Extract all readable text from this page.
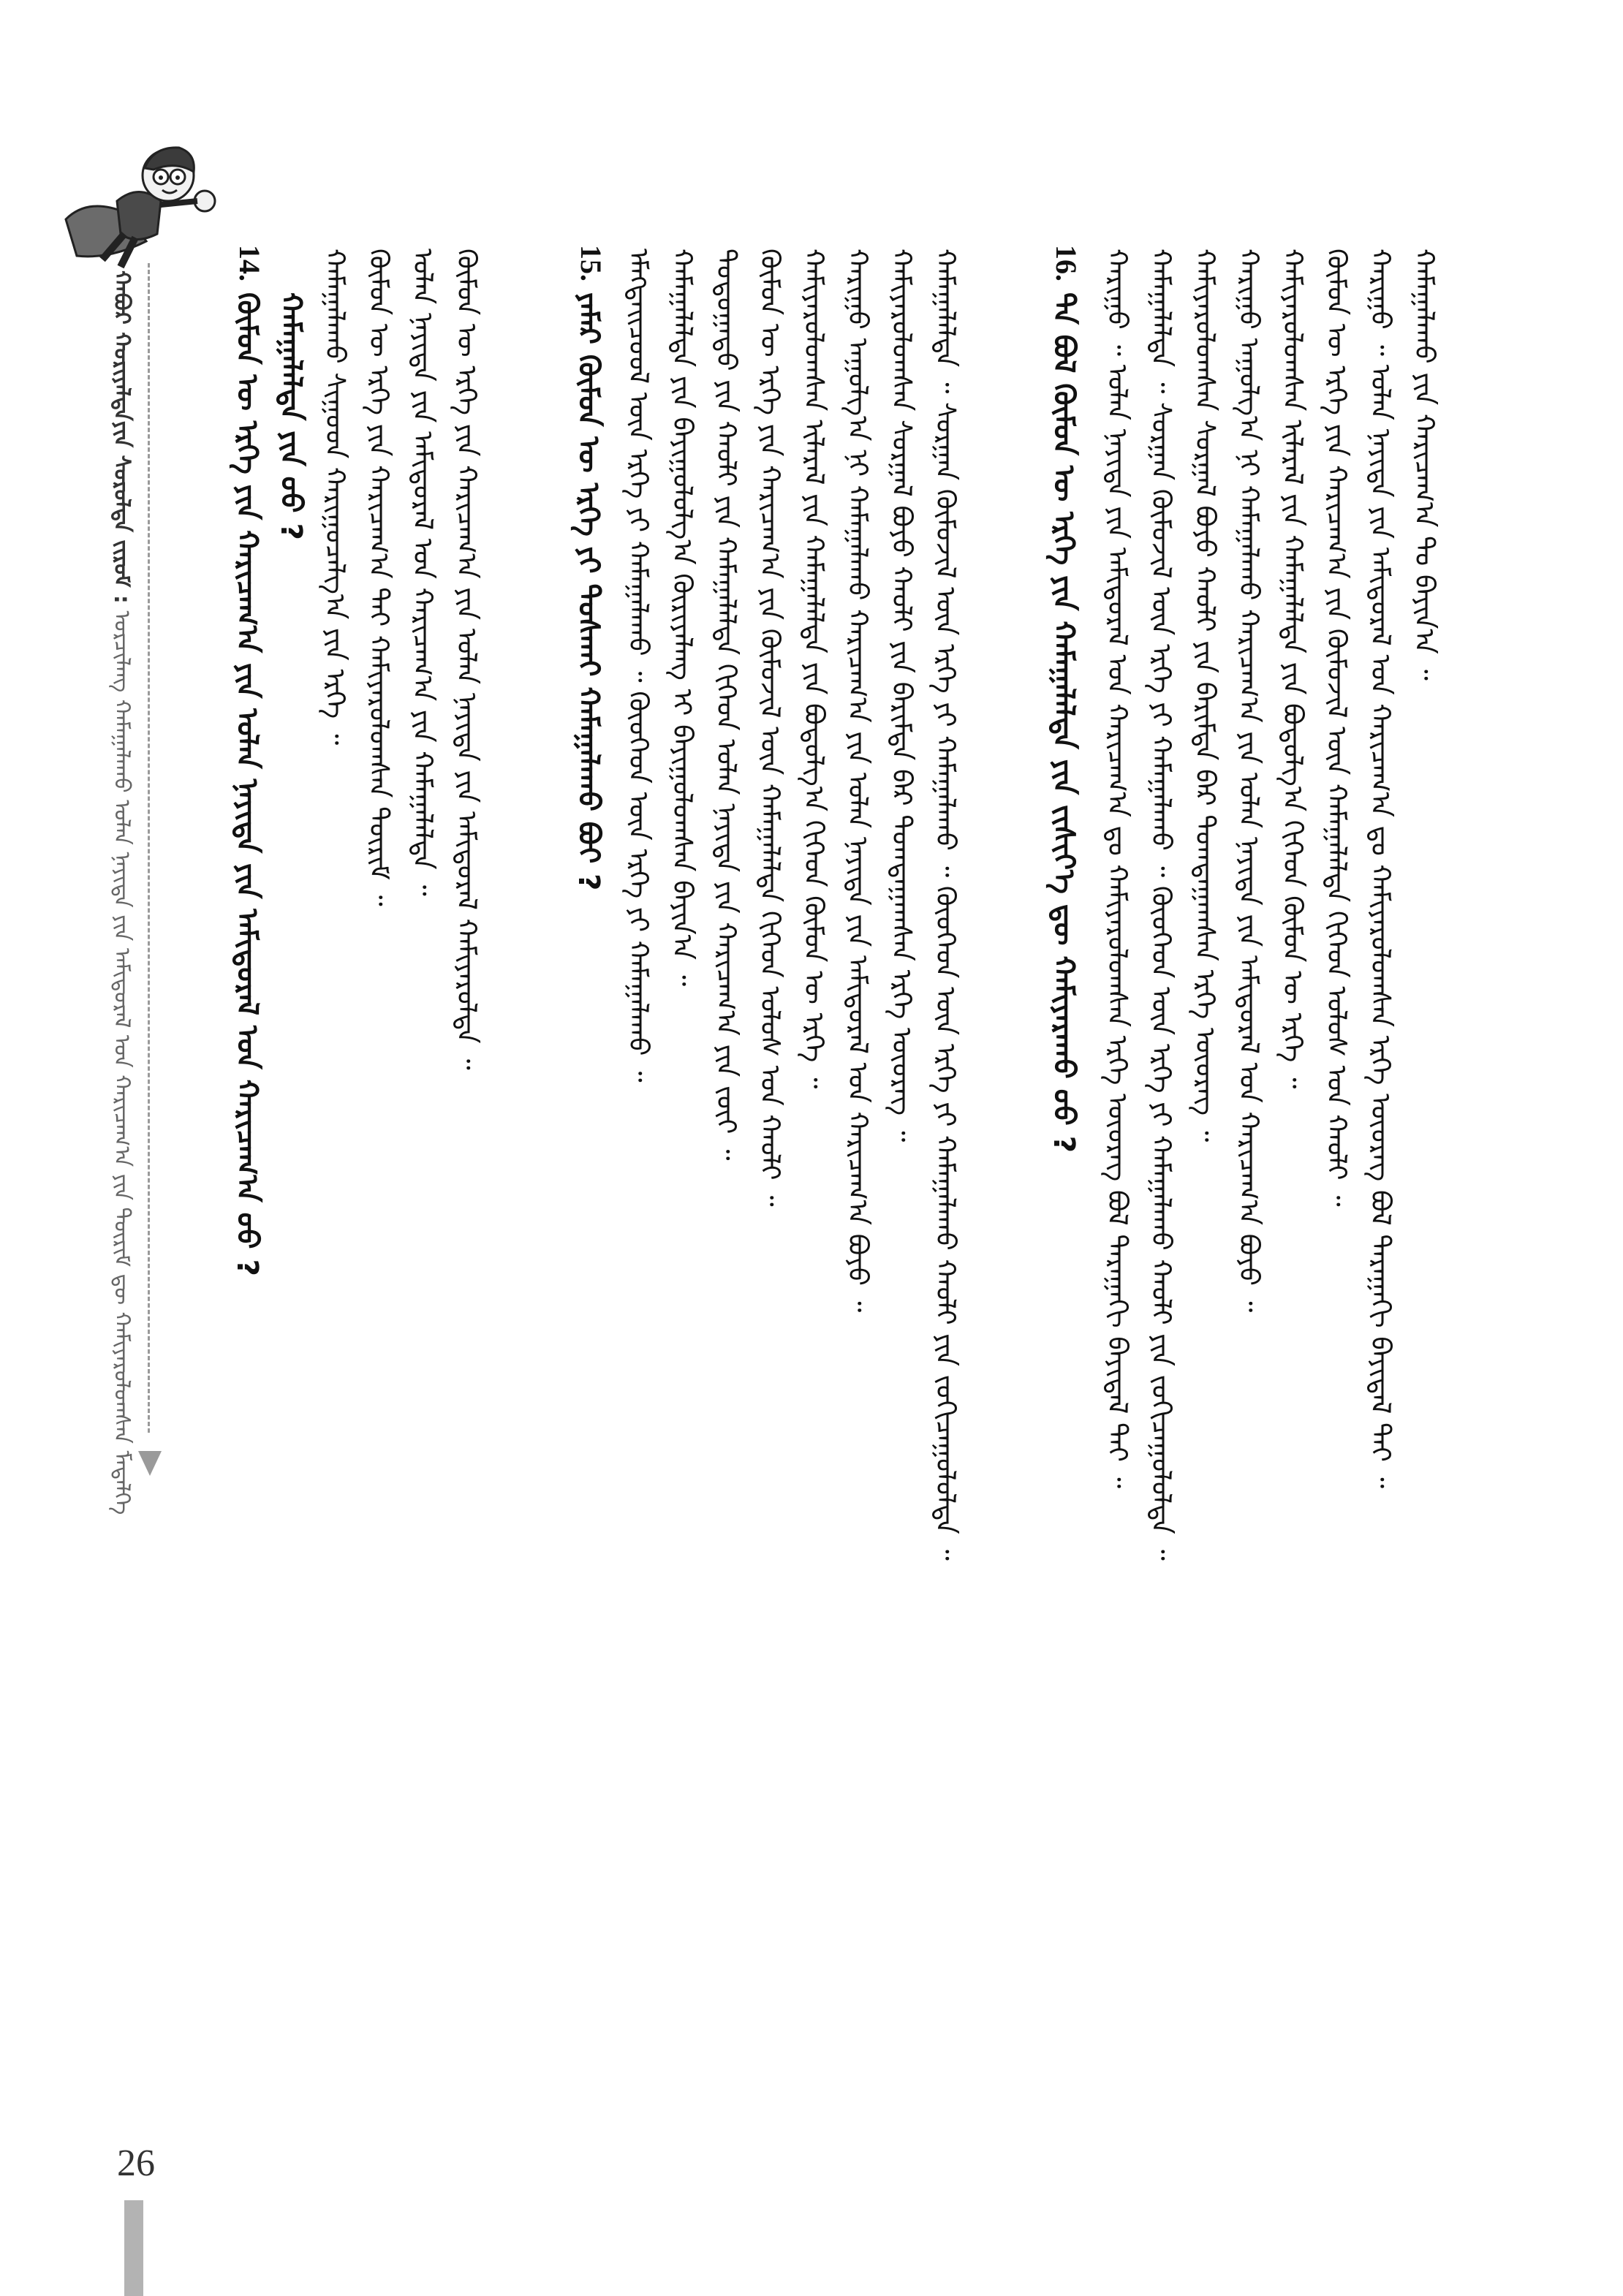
ᠬᠠᠪᠤᠷ ᠬᠤᠷᠢᠶᠠᠯᠲᠠ᠎ᠶᠢᠨ ᠰᠤᠷᠤᠯᠲᠠ ᠵᠢᠷᠤᠮ : ᠣᠷᠴᠢᠯᠠᠩ ᠬᠠᠮᠠᠭᠠᠯᠠᠬᠤ ᠣᠯᠠᠨ ᠨᠡᠶᠢᠲᠡ ᠶᠢᠨ ᠠᠮᠢᠳᠤᠷᠠᠯ ᠤᠨ ᠬᠠᠷᠢᠴᠠᠭ᠎ᠠ ᠶᠢᠨ ᠳᠦᠷᠢᠮ ᠳᠦ ᠬᠠᠮᠢᠶᠠᠷᠤᠯᠤᠭᠰᠠᠨ ᠮᠡᠳᠡᠯᠭᠡ
14.
ᠬᠦᠮᠦᠨ ᠦ ᠡᠷᠬᠡ ᠶᠢᠨ ᠬᠠᠷᠢᠴᠠᠭ᠎ᠠ ᠶᠢᠨ ᠣᠯᠠᠨ ᠨᠡᠶᠢᠲᠡ ᠶᠢᠨ ᠠᠮᠢᠳᠤᠷᠠᠯ ᠤᠨ ᠬᠠᠷᠢᠴᠠᠭ᠎ᠠ ᠤᠤ ? ᠬᠠᠮᠠᠭᠠᠯᠠᠯᠲᠠ ᠶᠢᠨ ᠤᠤ ? ᠬᠠᠮᠠᠭᠠᠯᠠᠬᠤ ᠰᠢᠭᠤᠳ ᠬᠠᠷᠢᠭᠤᠴᠠᠯᠭ᠎ᠠ ᠶᠢᠨ ᠡᠷᠬᠡ ᠃ ᠬᠦᠮᠦᠨ ᠦ ᠡᠷᠬᠡ ᠶᠢᠨ ᠬᠠᠷᠢᠴᠠᠭ᠎ᠠ ᠲᠠᠢ ᠬᠠᠮᠢᠶᠠᠷᠤᠯᠤᠭᠰᠠᠨ ᠳᠦᠷᠢᠮ ᠃ ᠣᠯᠠᠨ ᠨᠡᠶᠢᠲᠡ ᠶᠢᠨ ᠠᠮᠢᠳᠤᠷᠠᠯ ᠤᠨ ᠬᠠᠷᠢᠴᠠᠭ᠎ᠠ ᠶᠢᠨ ᠬᠠᠮᠠᠭᠠᠯᠠᠯᠲᠠ ᠃ ᠬᠦᠮᠦᠨ ᠦ ᠡᠷᠬᠡ ᠶᠢᠨ ᠬᠠᠷᠢᠴᠠᠭ᠎ᠠ ᠶᠢᠨ ᠣᠯᠠᠨ ᠨᠡᠶᠢᠲᠡ ᠶᠢᠨ ᠠᠮᠢᠳᠤᠷᠠᠯ ᠬᠠᠮᠢᠶᠠᠷᠤᠯᠲᠠ ᠃	15.
ᠶᠠᠮᠠᠷ ᠬᠦᠮᠦᠨ ᠦ ᠡᠷᠬᠡ ᠶᠢ ᠲᠤᠰᠬᠠᠢ ᠬᠠᠮᠠᠭᠠᠯᠠᠬᠤ ᠪᠤᠢ ? ᠡᠮᠡᠭᠲᠡᠢᠴᠦᠦᠯ ᠦᠨ ᠡᠷᠬᠡ ᠶᠢ ᠬᠠᠮᠠᠭᠠᠯᠠᠬᠤ ᠃ ᠬᠦᠦᠬᠡᠳ ᠦᠨ ᠡᠷᠬᠡ ᠶᠢ ᠬᠠᠮᠠᠭᠠᠯᠠᠬᠤ ᠃ ᠬᠠᠮᠠᠭᠠᠯᠠᠯᠲᠠ ᠶᠢᠨ ᠪᠠᠶᠢᠭᠤᠯᠤᠯᠭ᠎ᠠ ᠬᠦᠷᠢᠶᠡᠯᠡᠩ ᠢ ᠪᠠᠶᠢᠭᠤᠯᠤᠭᠰᠠᠨ ᠪᠠᠶᠢᠨ᠎ᠠ ᠃ ᠳᠣᠲᠣᠭᠠᠳᠤ ᠶᠢᠨ ᠬᠠᠤᠯᠢ ᠶᠢᠨ ᠬᠠᠮᠠᠭᠠᠯᠠᠯᠲᠠ ᠬᠢᠭᠡᠳ ᠣᠯᠠᠨ ᠨᠡᠶᠢᠲᠡ ᠶᠢᠨ ᠬᠠᠷᠢᠴᠠᠭ᠎ᠠ ᠶᠢᠨ ᠵᠦᠢ ᠃ ᠬᠦᠮᠦᠨ ᠦ ᠡᠷᠬᠡ ᠶᠢᠨ ᠬᠠᠷᠢᠴᠠᠭ᠎ᠠ ᠶᠢᠨ ᠬᠦᠮᠦᠵᠢᠯ ᠦᠨ ᠬᠠᠮᠠᠭᠠᠯᠠᠯᠲᠠ ᠬᠢᠭᠡᠳ ᠤᠯᠤᠰ ᠤᠨ ᠬᠠᠤᠯᠢ ᠃ ᠬᠠᠮᠢᠶᠠᠷᠤᠯᠤᠭᠰᠠᠨ ᠢᠯᠡᠷᠡᠯ ᠶᠢᠨ ᠬᠠᠮᠠᠭᠠᠯᠠᠯᠲᠠ ᠶᠢᠨ ᠪᠣᠳᠤᠯᠭ᠎ᠠ ᠬᠢᠭᠡᠳ ᠬᠦᠮᠦᠨ ᠦ ᠡᠷᠬᠡ ᠃ ᠬᠠᠷᠢᠭᠤ ᠠᠭᠤᠯᠭ᠎ᠠ ᠨᠢ ᠬᠠᠮᠠᠭᠠᠯᠠᠬᠤ ᠬᠠᠷᠢᠴᠠᠭ᠎ᠠ ᠶᠢᠨ ᠣᠯᠠᠨ ᠨᠡᠶᠢᠲᠡ ᠶᠢᠨ ᠠᠮᠢᠳᠤᠷᠠᠯ ᠤᠨ ᠬᠠᠷᠢᠴᠠᠭ᠎ᠠ ᠪᠤᠶᠤ ᠃ ᠬᠠᠮᠢᠶᠠᠷᠤᠯᠤᠭᠰᠠᠨ ᠰᠤᠷᠭᠠᠯ ᠪᠤᠶᠤ ᠬᠠᠤᠯᠢ ᠶᠢᠨ ᠪᠠᠷᠢᠮᠲᠠ ᠪᠠᠷ ᠲᠣᠭᠲᠠᠭᠠᠭᠰᠠᠨ ᠡᠷᠬᠡ ᠦᠦᠷᠡᠭ ᠃ ᠬᠠᠮᠠᠭᠠᠯᠠᠯᠲᠠ ᠃ ᠰᠤᠷᠭᠠᠨ ᠬᠦᠮᠦᠵᠢᠯ ᠦᠨ ᠡᠷᠬᠡ ᠶᠢ ᠬᠠᠮᠠᠭᠠᠯᠠᠬᠤ ᠃ ᠬᠦᠦᠬᠡᠳ ᠦᠨ ᠡᠷᠬᠡ ᠶᠢ ᠬᠠᠮᠠᠭᠠᠯᠠᠬᠤ ᠬᠠᠤᠯᠢ ᠶᠢᠨ ᠵᠣᠬᠢᠴᠠᠭᠤᠯᠤᠯᠲᠠ ᠃	16.
ᠲᠠ ᠪᠤᠯ ᠬᠦᠮᠦᠨ ᠦ ᠡᠷᠬᠡ ᠶᠢᠨ ᠬᠠᠮᠠᠭᠠᠯᠠᠯᠲᠠ ᠶᠢᠨ ᠵᠢᠰᠢᠶ᠎ᠡ ᠳᠦ ᠬᠠᠮᠢᠶᠠᠷᠠᠬᠤ ᠤᠤ ? ᠬᠠᠷᠢᠭᠤ ᠃ ᠣᠯᠠᠨ ᠨᠡᠶᠢᠲᠡ ᠶᠢᠨ ᠠᠮᠢᠳᠤᠷᠠᠯ ᠤᠨ ᠬᠠᠷᠢᠴᠠᠭ᠎ᠠ ᠳᠤ ᠬᠠᠮᠢᠶᠠᠷᠤᠯᠤᠭᠰᠠᠨ ᠡᠷᠬᠡ ᠦᠦᠷᠡᠭ ᠪᠤᠯ ᠳᠠᠷᠠᠭᠠᠬᠢ ᠪᠠᠶᠢᠳᠠᠯ ᠲᠠᠢ ᠃ ᠬᠠᠮᠠᠭᠠᠯᠠᠯᠲᠠ ᠃ ᠰᠤᠷᠭᠠᠨ ᠬᠦᠮᠦᠵᠢᠯ ᠦᠨ ᠡᠷᠬᠡ ᠶᠢ ᠬᠠᠮᠠᠭᠠᠯᠠᠬᠤ ᠃ ᠬᠦᠦᠬᠡᠳ ᠦᠨ ᠡᠷᠬᠡ ᠶᠢ ᠬᠠᠮᠠᠭᠠᠯᠠᠬᠤ ᠬᠠᠤᠯᠢ ᠶᠢᠨ ᠵᠣᠬᠢᠴᠠᠭᠤᠯᠤᠯᠲᠠ ᠃ ᠬᠠᠮᠢᠶᠠᠷᠤᠯᠤᠭᠰᠠᠨ ᠰᠤᠷᠭᠠᠯ ᠪᠤᠶᠤ ᠬᠠᠤᠯᠢ ᠶᠢᠨ ᠪᠠᠷᠢᠮᠲᠠ ᠪᠠᠷ ᠲᠣᠭᠲᠠᠭᠠᠭᠰᠠᠨ ᠡᠷᠬᠡ ᠦᠦᠷᠡᠭ ᠃ ᠬᠠᠷᠢᠭᠤ ᠠᠭᠤᠯᠭ᠎ᠠ ᠨᠢ ᠬᠠᠮᠠᠭᠠᠯᠠᠬᠤ ᠬᠠᠷᠢᠴᠠᠭ᠎ᠠ ᠶᠢᠨ ᠣᠯᠠᠨ ᠨᠡᠶᠢᠲᠡ ᠶᠢᠨ ᠠᠮᠢᠳᠤᠷᠠᠯ ᠤᠨ ᠬᠠᠷᠢᠴᠠᠭ᠎ᠠ ᠪᠤᠶᠤ ᠃ ᠬᠠᠮᠢᠶᠠᠷᠤᠯᠤᠭᠰᠠᠨ ᠢᠯᠡᠷᠡᠯ ᠶᠢᠨ ᠬᠠᠮᠠᠭᠠᠯᠠᠯᠲᠠ ᠶᠢᠨ ᠪᠣᠳᠤᠯᠭ᠎ᠠ ᠬᠢᠭᠡᠳ ᠬᠦᠮᠦᠨ ᠦ ᠡᠷᠬᠡ ᠃ ᠬᠦᠮᠦᠨ ᠦ ᠡᠷᠬᠡ ᠶᠢᠨ ᠬᠠᠷᠢᠴᠠᠭ᠎ᠠ ᠶᠢᠨ ᠬᠦᠮᠦᠵᠢᠯ ᠦᠨ ᠬᠠᠮᠠᠭᠠᠯᠠᠯᠲᠠ ᠬᠢᠭᠡᠳ ᠤᠯᠤᠰ ᠤᠨ ᠬᠠᠤᠯᠢ ᠃ ᠬᠠᠷᠢᠭᠤ ᠃ ᠣᠯᠠᠨ ᠨᠡᠶᠢᠲᠡ ᠶᠢᠨ ᠠᠮᠢᠳᠤᠷᠠᠯ ᠤᠨ ᠬᠠᠷᠢᠴᠠᠭ᠎ᠠ ᠳᠤ ᠬᠠᠮᠢᠶᠠᠷᠤᠯᠤᠭᠰᠠᠨ ᠡᠷᠬᠡ ᠦᠦᠷᠡᠭ ᠪᠤᠯ ᠳᠠᠷᠠᠭᠠᠬᠢ ᠪᠠᠶᠢᠳᠠᠯ ᠲᠠᠢ ᠃ ᠬᠠᠮᠠᠭᠠᠯᠠᠬᠤ ᠶᠢᠨ ᠬᠠᠷᠢᠴᠠᠭ᠎ᠠ ᠲᠤ ᠪᠠᠶᠢᠨ᠎ᠠ ᠃
26
